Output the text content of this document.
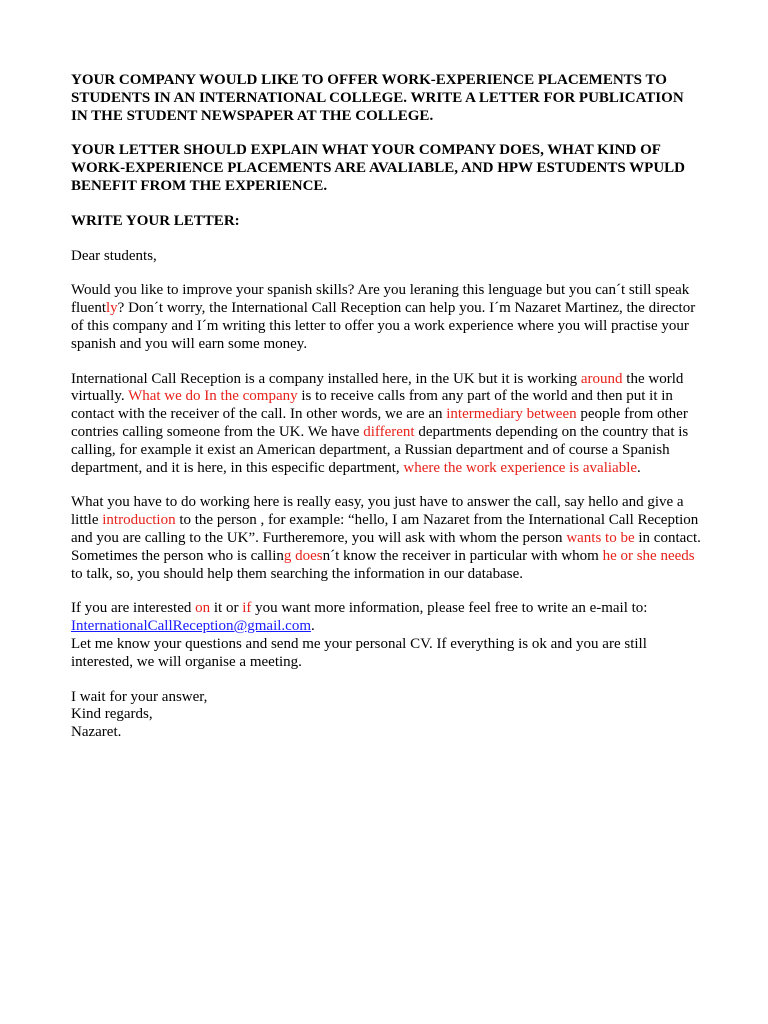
YOUR COMPANY WOULD LIKE TO OFFER WORK-EXPERIENCE PLACEMENTS TO STUDENTS IN AN INTERNATIONAL COLLEGE. WRITE A LETTER FOR PUBLICATION IN THE STUDENT NEWSPAPER AT THE COLLEGE.

YOUR LETTER SHOULD EXPLAIN WHAT YOUR COMPANY DOES, WHAT KIND OF WORK-EXPERIENCE PLACEMENTS ARE AVALIABLE, AND HPW ESTUDENTS WPULD BENEFIT FROM THE EXPERIENCE.

WRITE YOUR LETTER:

Dear students,

Would you like to improve your spanish skills? Are you leraning this lenguage but you can´t still speak fluently? Don´t worry, the International Call Reception can help you. I´m Nazaret Martinez, the director of this company and I´m writing this letter to offer you a work experience where you will practise your spanish and you will earn some money.

International Call Reception is a company installed here, in the UK but it is working around the world virtually. What we do In the company is to receive calls from any part of the world and then put it in contact with the receiver of the call. In other words, we are an intermediary between people from other contries calling someone from the UK. We have different departments depending on the country that is calling, for example it exist an American department, a Russian department and of course a Spanish department, and it is here, in this especific department, where the work experience is avaliable.

What you have to do working here is really easy, you just have to answer the call, say hello and give a little introduction to the person , for example: “hello, I am Nazaret from the International Call Reception and you are calling to the UK”. Furtheremore, you will ask with whom the person wants to be in contact. Sometimes the person who is calling doesn´t know the receiver in particular with whom he or she needs to talk, so, you should help them searching the information in our database.

If you are interested on it or if you want more information, please feel free to write an e-mail to:
InternationalCallReception@gmail.com.
Let me know your questions and send me your personal CV. If everything is ok and you are still interested, we will organise a meeting.

I wait for your answer,
Kind regards,
Nazaret.
